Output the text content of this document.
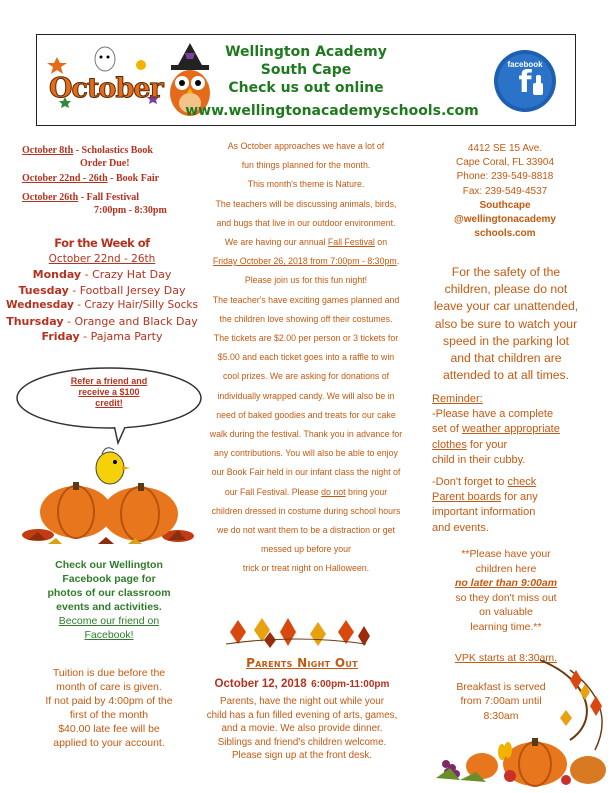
October
Wellington Academy
South Cape
Check us out online
www.wellingtonacademyschools.com
f
facebook
October 8th - Scholastics Book
Order Due!
October 22nd - 26th - Book Fair
October 26th - Fall Festival
7:00pm - 8:30pm
For the Week of
October 22nd - 26th
Monday - Crazy Hat Day
Tuesday - Football Jersey Day
Wednesday - Crazy Hair/Silly Socks
Thursday - Orange and Black Day
Friday - Pajama Party
Refer a friend and
receive a $100
credit!
Check our Wellington
Facebook page for
photos of our classroom
events and activities.
Become our friend on
Facebook!
Tuition is due before the
month of care is given.
If not paid by 4:00pm of the
first of the month
$40.00 late fee will be
applied to your account.
As October approaches we have a lot of
fun things planned for the month.
This month's theme is Nature.
The teachers will be discussing animals, birds,
and bugs that live in our outdoor environment.
We are having our annual Fall Festival on
Friday October 26, 2018 from 7:00pm - 8:30pm.
Please join us for this fun night!
The teacher's have exciting games planned and
the children love showing off their costumes.
The tickets are $2.00 per person or 3 tickets for
$5.00 and each ticket goes into a raffle to win
cool prizes. We are asking for donations of
individually wrapped candy. We will also be in
need of baked goodies and treats for our cake
walk during the festival. Thank you in advance for
any contributions. You will also be able to enjoy
our Book Fair held in our infant class the night of
our Fall Festival. Please do not bring your
children dressed in costume during school hours
we do not want them to be a distraction or get
messed up before your
trick or treat night on Halloween.
Parents Night Out
October 12, 2018 6:00pm-11:00pm
Parents, have the night out while your
child has a fun filled evening of arts, games,
and a movie. We also provide dinner.
Siblings and friend's children welcome.
Please sign up at the front desk.
4412 SE 15 Ave.
Cape Coral, FL 33904
Phone: 239-549-8818
Fax: 239-549-4537
Southcape
@wellingtonacademy
schools.com
For the safety of the
children, please do not
leave your car unattended,
also be sure to watch your
speed in the parking lot
and that children are
attended to at all times.
Reminder:
-Please have a complete
set of weather appropriate
clothes for your
child in their cubby.
-Don't forget to check
Parent boards for any
important information
and events.
**Please have your
children here
no later than 9:00am
so they don't miss out
on valuable
learning time.**
VPK starts at 8:30am.
Breakfast is served
from 7:00am until
8:30am
